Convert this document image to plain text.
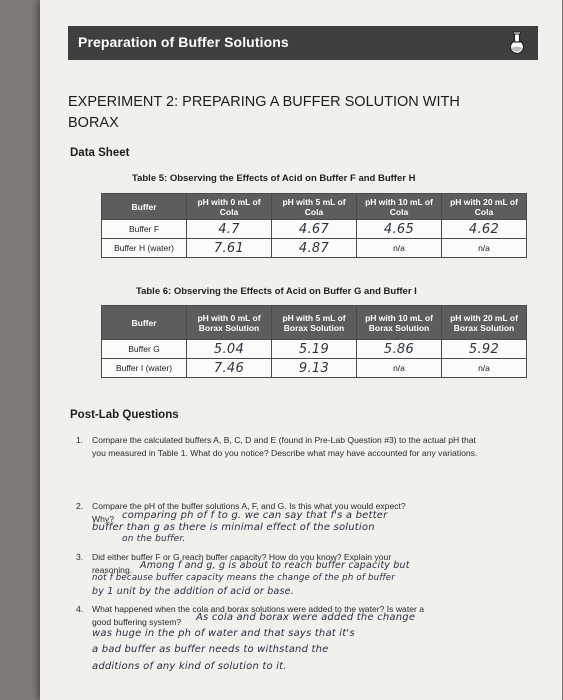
Preparation of Buffer Solutions
EXPERIMENT 2: PREPARING A BUFFER SOLUTION WITH BORAX
Data Sheet
Table 5: Observing the Effects of Acid on Buffer F and Buffer H
Buffer	pH with 0 mL of Cola	pH with 5 mL of Cola	pH with 10 mL of Cola	pH with 20 mL of Cola
Buffer F	4.7	4.67	4.65	4.62
Buffer H (water)	7.61	4.87	n/a	n/a
Table 6: Observing the Effects of Acid on Buffer G and Buffer I
Buffer	pH with 0 mL of Borax Solution	pH with 5 mL of Borax Solution	pH with 10 mL of Borax Solution	pH with 20 mL of Borax Solution
Buffer G	5.04	5.19	5.86	5.92
Buffer I (water)	7.46	9.13	n/a	n/a
Post-Lab Questions
1. Compare the calculated buffers A, B, C, D and E (found in Pre-Lab Question #3) to the actual pH that you measured in Table 1. What do you notice? Describe what may have accounted for any variations.
2. Compare the pH of the buffer solutions A, F, and G. Is this what you would expect?
Why? comparing ph of f to g. we can say that f's a better
buffer than g as there is minimal effect of the solution
on the buffer.
3. Did either buffer F or G reach buffer capacity? How do you know? Explain your
reasoning. Among f and g, g is about to reach buffer capacity but
not f because buffer capacity means the change of the ph of buffer
by 1 unit by the addition of acid or base.
4. What happened when the cola and borax solutions were added to the water? Is water a
good buffering system?	As cola and borax were added the change
was huge in the ph of water and that says that it's
a bad buffer as buffer needs to withstand the
additions of any kind of solution to it.
